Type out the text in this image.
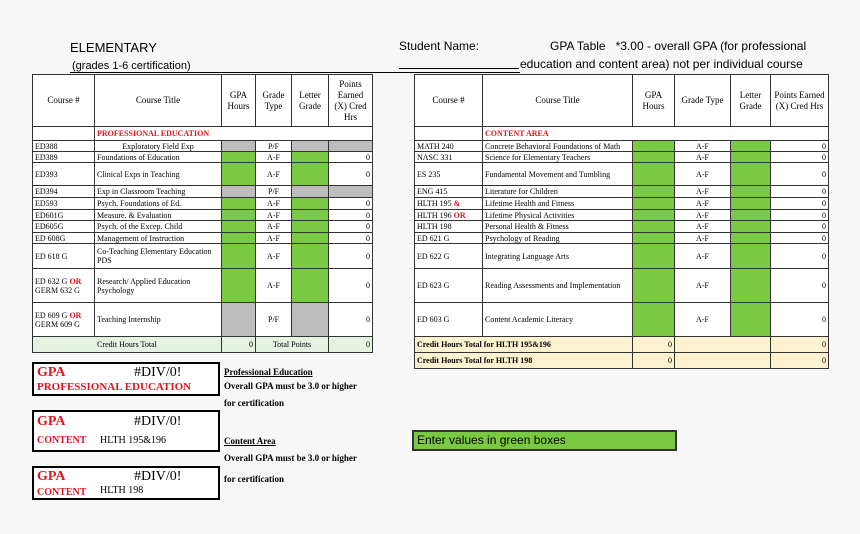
ELEMENTARY
(grades 1-6 certification)
Student Name:	GPA Table   *3.00 - overall GPA (for professional
education and content area) not per individual course
Course #	Course Title	GPA Hours	Grade Type	Letter Grade	Points Earned (X) Cred Hrs
	PROFESSIONAL EDUCATION				
ED388	Exploratory Field Exp		P/F		
ED389	Foundations of Education		A-F		0
ED393	Clinical Exps in Teaching		A-F		0
ED394	Exp in Classroom Teaching		P/F		
ED593	Psych. Foundations of Ed.		A-F		0
ED601G	Measure. & Evaluation		A-F		0
ED605G	Psych. of the Excep. Child		A-F		0
ED 608G	Management of Instruction		A-F		0
ED 618 G	Co-Teaching Elementary Education PDS		A-F		0
ED 632 G OR
GERM 632 G	Research/ Applied Education Psychology		A-F		0
ED 609 G OR
GERM 609 G	Teaching Internship		P/F		0
Credit Hours Total		0	Total Points		0
Course #	Course Title	GPA Hours	Grade Type	Letter Grade	Points Earned (X) Cred Hrs
	CONTENT AREA				
MATH 240	Concrete Behavioral Foundations of Math		A-F		0
NASC 331	Science for Elementary Teachers		A-F		0
ES 235	Fundamental Movement and Tumbling		A-F		0
ENG 415	Literature for Children		A-F		0
HLTH 195 &	Lifetime Health and Fitness		A-F		0
HLTH 196 OR	Lifetime Physical Activities		A-F		0
HLTH 198	Personal Health & Fitness		A-F		0
ED 621 G	Psychology of Reading		A-F		0
ED 622 G	Integrating Language Arts		A-F		0
ED 623 G	Reading Assessments and Implementation		A-F		0
ED 603 G	Content Academic Literacy		A-F		0
Credit Hours Total for HLTH 195&196		0			0
Credit Hours Total for HLTH 198		0			0
GPA	#DIV/0!
PROFESSIONAL EDUCATION
GPA	#DIV/0!
CONTENT HLTH 195&196
GPA	#DIV/0!
CONTENT HLTH 198
Professional Education
Overall GPA must be 3.0 or higher
for certification
Content Area
Overall GPA must be 3.0 or higher
for certification
Enter values in green boxes
